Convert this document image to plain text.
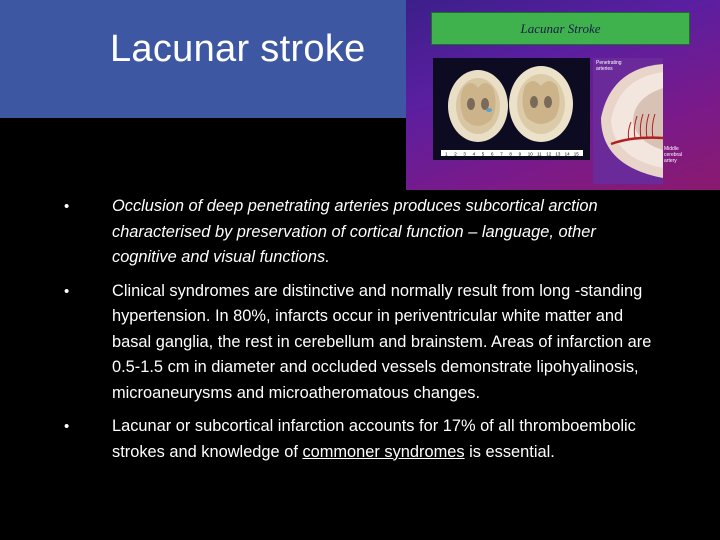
Lacunar stroke	Lacunar Stroke
1 2 3 4 5 6 7 8 9 10 11 12 13 14 15
Penetrating arteries
Middle cerebral artery
•	Occlusion of deep penetrating arteries produces subcortical arction characterised by preservation of cortical function – language, other cognitive and visual functions.
•	Clinical syndromes are distinctive and normally result from long -standing hypertension. In 80%, infarcts occur in periventricular white matter and basal ganglia, the rest in cerebellum and brainstem. Areas of infarction are 0.5-1.5 cm in diameter and occluded vessels demonstrate lipohyalinosis, microaneurysms and microatheromatous changes.
•	Lacunar or subcortical infarction accounts for 17% of all thromboembolic strokes and knowledge of commoner syndromes is essential.
